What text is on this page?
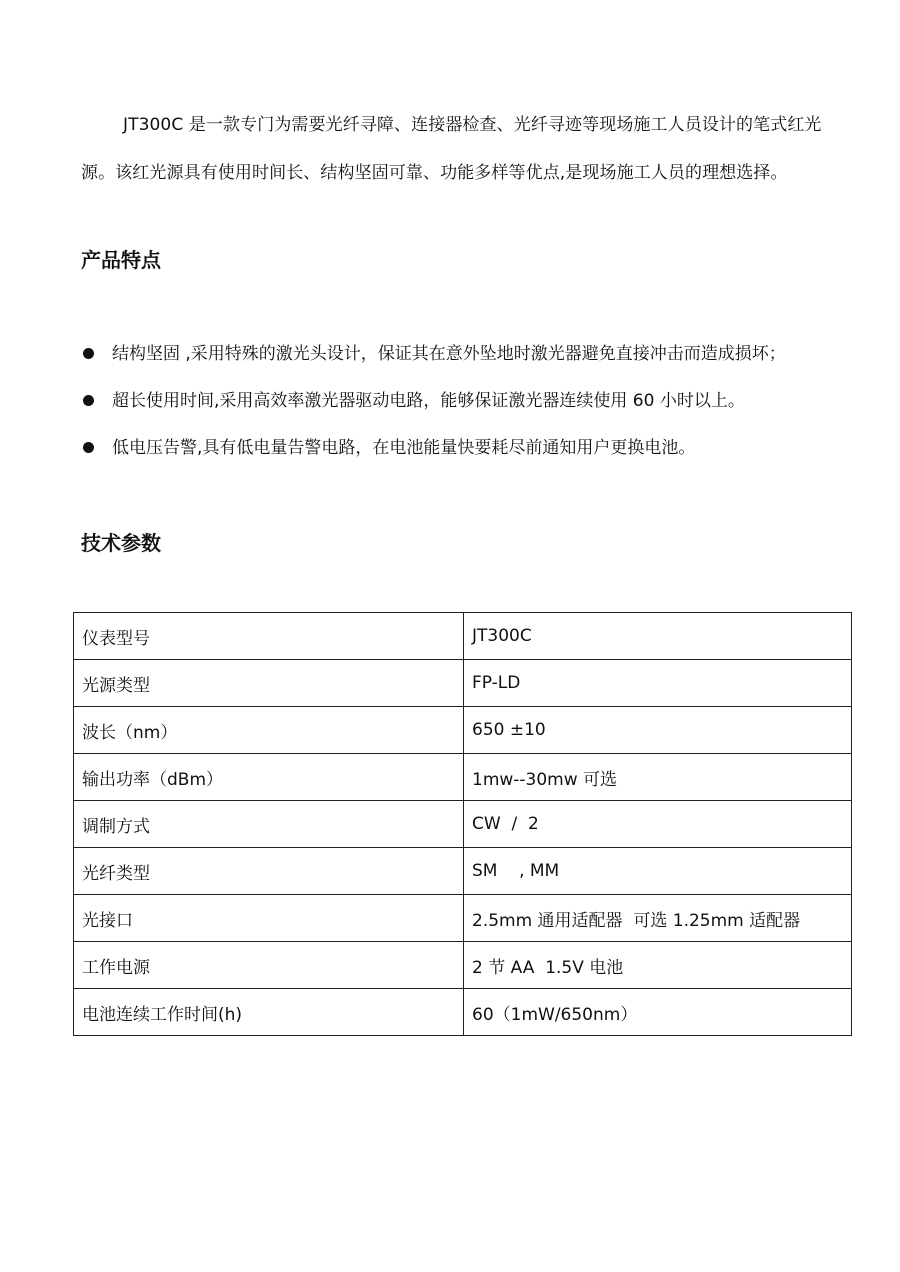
JT300C 是一款专门为需要光纤寻障、连接器检查、光纤寻迹等现场施工人员设计的笔式红光源。该红光源具有使用时间长、结构坚固可靠、功能多样等优点,是现场施工人员的理想选择。

产品特点
结构坚固 ,采用特殊的激光头设计，保证其在意外坠地时激光器避免直接冲击而造成损坏；
超长使用时间,采用高效率激光器驱动电路，能够保证激光器连续使用 60 小时以上。
低电压告警,具有低电量告警电路，在电池能量快要耗尽前通知用户更换电池。
技术参数
仪表型号	JT300C
光源类型	FP-LD
波长（nm）	650 ±10
输出功率（dBm）	1mw--30mw 可选
调制方式	CW  /  2
光纤类型	SM    , MM
光接口	2.5mm 通用适配器  可选 1.25mm 适配器
工作电源	2 节 AA  1.5V 电池
电池连续工作时间(h)	60（1mW/650nm）
